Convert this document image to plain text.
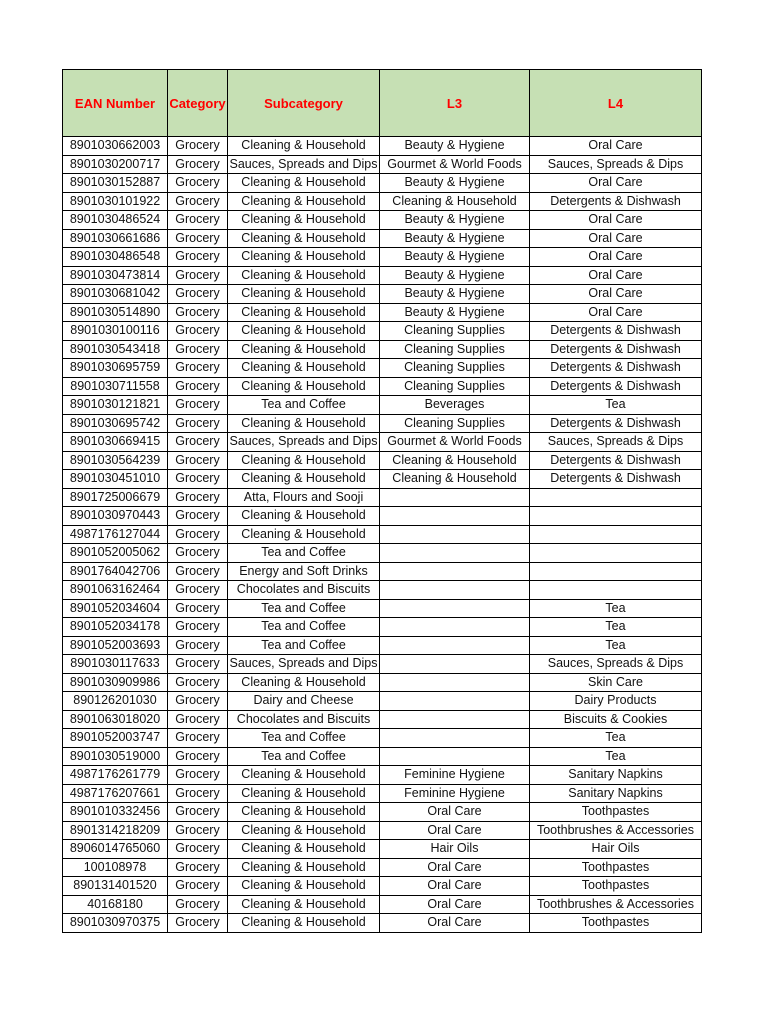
EAN Number	Category	Subcategory	L3	L4
8901030662003	Grocery	Cleaning & Household	Beauty & Hygiene	Oral Care
8901030200717	Grocery	Sauces, Spreads and Dips	Gourmet & World Foods	Sauces, Spreads & Dips
8901030152887	Grocery	Cleaning & Household	Beauty & Hygiene	Oral Care
8901030101922	Grocery	Cleaning & Household	Cleaning & Household	Detergents & Dishwash
8901030486524	Grocery	Cleaning & Household	Beauty & Hygiene	Oral Care
8901030661686	Grocery	Cleaning & Household	Beauty & Hygiene	Oral Care
8901030486548	Grocery	Cleaning & Household	Beauty & Hygiene	Oral Care
8901030473814	Grocery	Cleaning & Household	Beauty & Hygiene	Oral Care
8901030681042	Grocery	Cleaning & Household	Beauty & Hygiene	Oral Care
8901030514890	Grocery	Cleaning & Household	Beauty & Hygiene	Oral Care
8901030100116	Grocery	Cleaning & Household	Cleaning Supplies	Detergents & Dishwash
8901030543418	Grocery	Cleaning & Household	Cleaning Supplies	Detergents & Dishwash
8901030695759	Grocery	Cleaning & Household	Cleaning Supplies	Detergents & Dishwash
8901030711558	Grocery	Cleaning & Household	Cleaning Supplies	Detergents & Dishwash
8901030121821	Grocery	Tea and Coffee	Beverages	Tea
8901030695742	Grocery	Cleaning & Household	Cleaning Supplies	Detergents & Dishwash
8901030669415	Grocery	Sauces, Spreads and Dips	Gourmet & World Foods	Sauces, Spreads & Dips
8901030564239	Grocery	Cleaning & Household	Cleaning & Household	Detergents & Dishwash
8901030451010	Grocery	Cleaning & Household	Cleaning & Household	Detergents & Dishwash
8901725006679	Grocery	Atta, Flours and Sooji		
8901030970443	Grocery	Cleaning & Household		
4987176127044	Grocery	Cleaning & Household		
8901052005062	Grocery	Tea and Coffee		
8901764042706	Grocery	Energy and Soft Drinks		
8901063162464	Grocery	Chocolates and Biscuits		
8901052034604	Grocery	Tea and Coffee		Tea
8901052034178	Grocery	Tea and Coffee		Tea
8901052003693	Grocery	Tea and Coffee		Tea
8901030117633	Grocery	Sauces, Spreads and Dips		Sauces, Spreads & Dips
8901030909986	Grocery	Cleaning & Household		Skin Care
890126201030	Grocery	Dairy and Cheese		Dairy Products
8901063018020	Grocery	Chocolates and Biscuits		Biscuits & Cookies
8901052003747	Grocery	Tea and Coffee		Tea
8901030519000	Grocery	Tea and Coffee		Tea
4987176261779	Grocery	Cleaning & Household	Feminine Hygiene	Sanitary Napkins
4987176207661	Grocery	Cleaning & Household	Feminine Hygiene	Sanitary Napkins
8901010332456	Grocery	Cleaning & Household	Oral Care	Toothpastes
8901314218209	Grocery	Cleaning & Household	Oral Care	Toothbrushes & Accessories
8906014765060	Grocery	Cleaning & Household	Hair Oils	Hair Oils
100108978	Grocery	Cleaning & Household	Oral Care	Toothpastes
890131401520	Grocery	Cleaning & Household	Oral Care	Toothpastes
40168180	Grocery	Cleaning & Household	Oral Care	Toothbrushes & Accessories
8901030970375	Grocery	Cleaning & Household	Oral Care	Toothpastes
